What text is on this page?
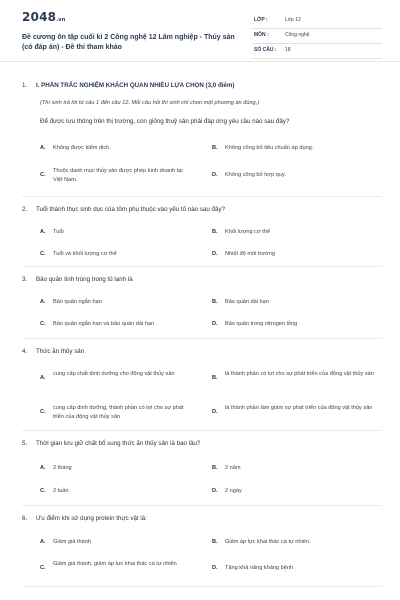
2048.vn
Đề cương ôn tập cuối kì 2 Công nghệ 12 Lâm nghiệp - Thủy sản (có đáp án) - Đề thi tham khảo
LỚP :	Lớp 12
MÔN :	Công nghệ
SỐ CÂU : 18
1.	I. PHẦN TRẮC NGHIỆM KHÁCH QUAN NHIỀU LỰA CHỌN (3,0 điểm)
(Thí sinh trả lời từ câu 1 đến câu 12. Mỗi câu hỏi thí sinh chỉ chọn một phương án đúng.)
Để được lưu thông trên thị trường, con giống thuỷ sản phải đáp ứng yêu cầu nào sau đây?
A.	Không được kiểm dịch.	B.	Không công bố tiêu chuẩn áp dụng.
C.
Thuộc danh mục thủy sản được phép kinh doanh tại Việt Nam.
D.	Không công bố hợp quy.
2.	Tuổi thành thục sinh dục của tôm phụ thuộc vào yếu tố nào sau đây?
A.	Tuổi	B.	Khối lượng cơ thể
C.	Tuổi và khối lượng cơ thể	D.	Nhiệt độ môi trường
3.	Bảo quản tinh trùng trong tủ lạnh là
A.	Bảo quản ngắn hạn	B.	Bảo quản dài hạn
C.	Bảo quản ngắn hạn và bảo quản dài hạn	D.	Bảo quản trong nitrogen lỏng
4.	Thức ăn thủy sản
A.
cung cấp chất dinh dưỡng cho động vật thủy sản
B.
là thành phần có lợi cho sự phát triển của động vật thủy sản
C.
cung cấp dinh dưỡng, thành phần có lợi cho sự phát triển của động vật thủy sản
D.
là thành phần làm giảm sự phát triển của động vật thủy sản
5.	Thời gian lưu giữ chất bổ sung thức ăn thủy sản là bao lâu?
A.	2 tháng	B.	2 năm
C.	2 tuần	D.	2 ngày
6.	Ưu điểm khi sử dụng protein thực vật là:
A.	Giảm giá thành	B.	Giảm áp lực khai thác cá tự nhiên.
C.
Giảm giá thành, giảm áp lực khai thác cá tự nhiên
D.	Tăng khả năng kháng bệnh
